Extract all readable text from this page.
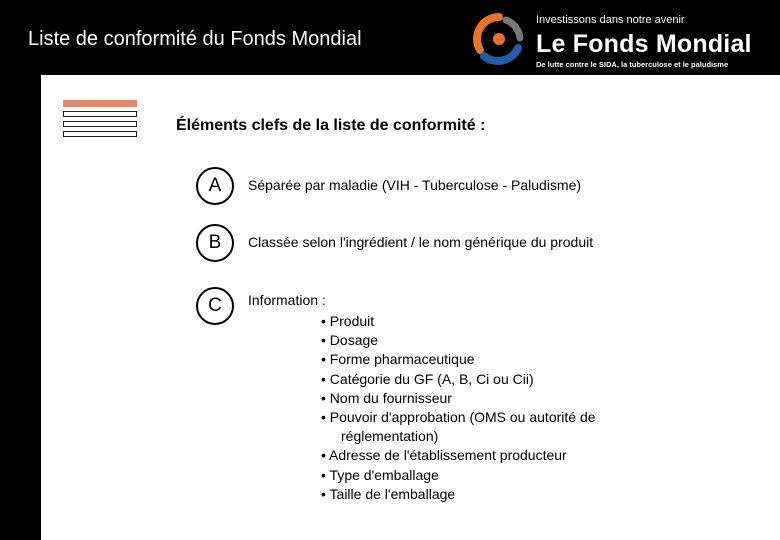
Liste de conformité du Fonds Mondial
Investissons dans notre avenir
Le Fonds Mondial
De lutte contre le SIDA, la tuberculose et le paludisme
Éléments clefs de la liste de conformité :
A	Séparée par maladie (VIH - Tuberculose - Paludisme)
B	Classée selon l'ingrédient / le nom générique du produit
C	Information :
• Produit
• Dosage
• Forme pharmaceutique
• Catégorie du GF (A, B, Ci ou Cii)
• Nom du fournisseur
• Pouvoir d'approbation (OMS ou autorité de
réglementation)
• Adresse de l'établissement producteur
• Type d'emballage
• Taille de l'emballage
